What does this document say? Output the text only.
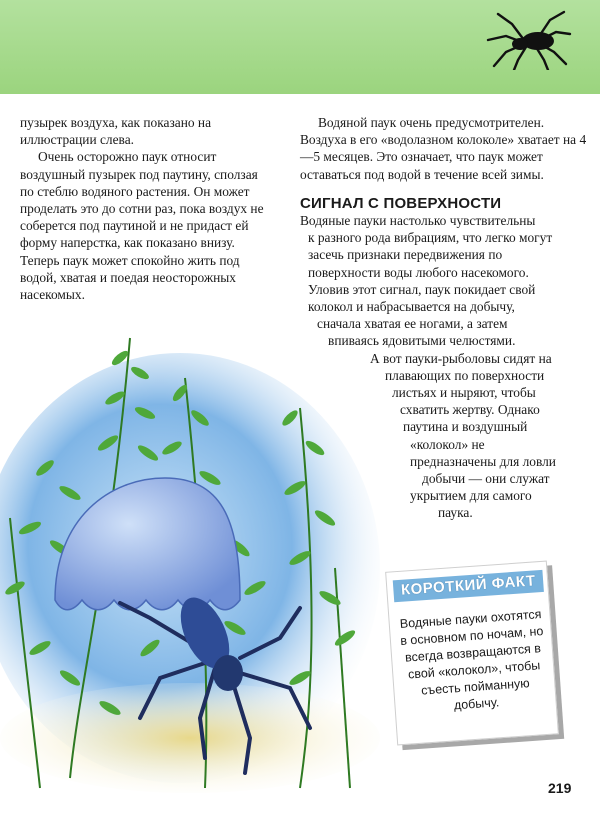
пузырек воздуха, как показано на иллюстрации слева.

Очень осторожно паук относит воздушный пузырек под паутину, сползая по стеблю водяного растения. Он может проделать это до сотни раз, пока воздух не соберется под паутиной и не придаст ей форму наперстка, как показано внизу. Теперь паук может спокойно жить под водой, хватая и поедая неосторожных насекомых.

Водяной паук очень предусмотрителен. Воздуха в его «водолазном колоколе» хватает на 4—5 месяцев. Это означает, что паук может оставаться под водой в течение всей зимы.

СИГНАЛ С ПОВЕРХНОСТИ

Водяные пауки настолько чувствительны

к разного рода вибрациям, что легко могут

засечь признаки передвижения по

поверхности воды любого насекомого.

Уловив этот сигнал, паук покидает свой

колокол и набрасывается на добычу,

сначала хватая ее ногами, а затем

впиваясь ядовитыми челюстями.

А вот пауки-рыболовы сидят на

плавающих по поверхности

листьях и ныряют, чтобы

схватить жертву. Однако

паутина и воздушный

«колокол» не

предназначены для ловли

добычи — они служат

укрытием для самого

паука.

КОРОТКИЙ ФАКТ
Водяные пауки охотятся в основном по ночам, но всегда возвращаются в свой «колокол», чтобы съесть пойманную добычу.
219
